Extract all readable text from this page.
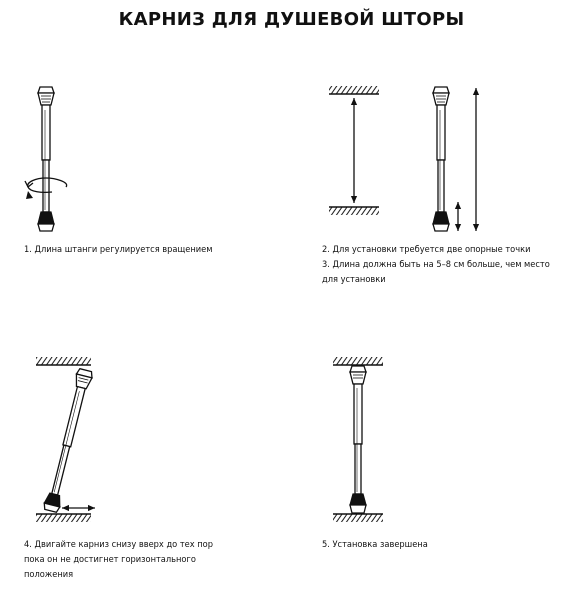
КАРНИЗ ДЛЯ ДУШЕВОЙ ШТОРЫ
1. Длина штанги регулируется вращением	2. Для установки требуется две опорные точки
3. Длина должна быть на 5–8 см больше, чем место
для установки
4. Двигайте карниз снизу вверх до тех пор
пока он не достигнет горизонтального
положения
5. Установка завершена
